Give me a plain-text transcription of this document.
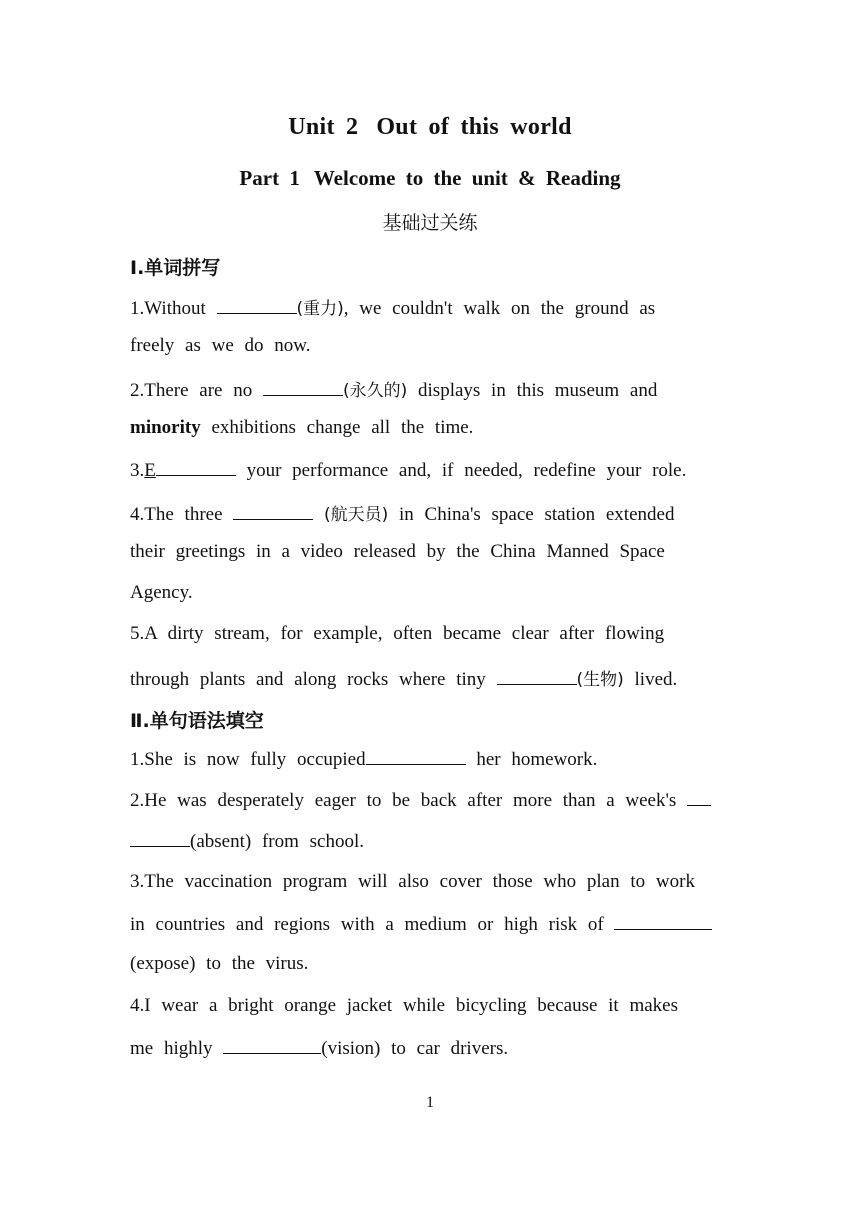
Unit 2 Out of this world
Part 1 Welcome to the unit & Reading
基础过关练
Ⅰ.单词拼写
1.Without	(重力), we couldn't walk on the ground as
freely as we do now.
2.There are no	(永久的) displays in this museum and
minority exhibitions change all the time.
3.E	your performance and, if needed, redefine your role.
4.The three	(航天员) in China's space station extended
their greetings in a video released by the China Manned Space
Agency.
5.A dirty stream, for example, often became clear after flowing
through plants and along rocks where tiny	(生物) lived.
Ⅱ.单句语法填空
1.She is now fully occupied	her homework.
2.He was desperately eager to be back after more than a week's
(absent) from school.
3.The vaccination program will also cover those who plan to work
in countries and regions with a medium or high risk of
(expose) to the virus.
4.I wear a bright orange jacket while bicycling because it makes
me highly	(vision) to car drivers.
1
